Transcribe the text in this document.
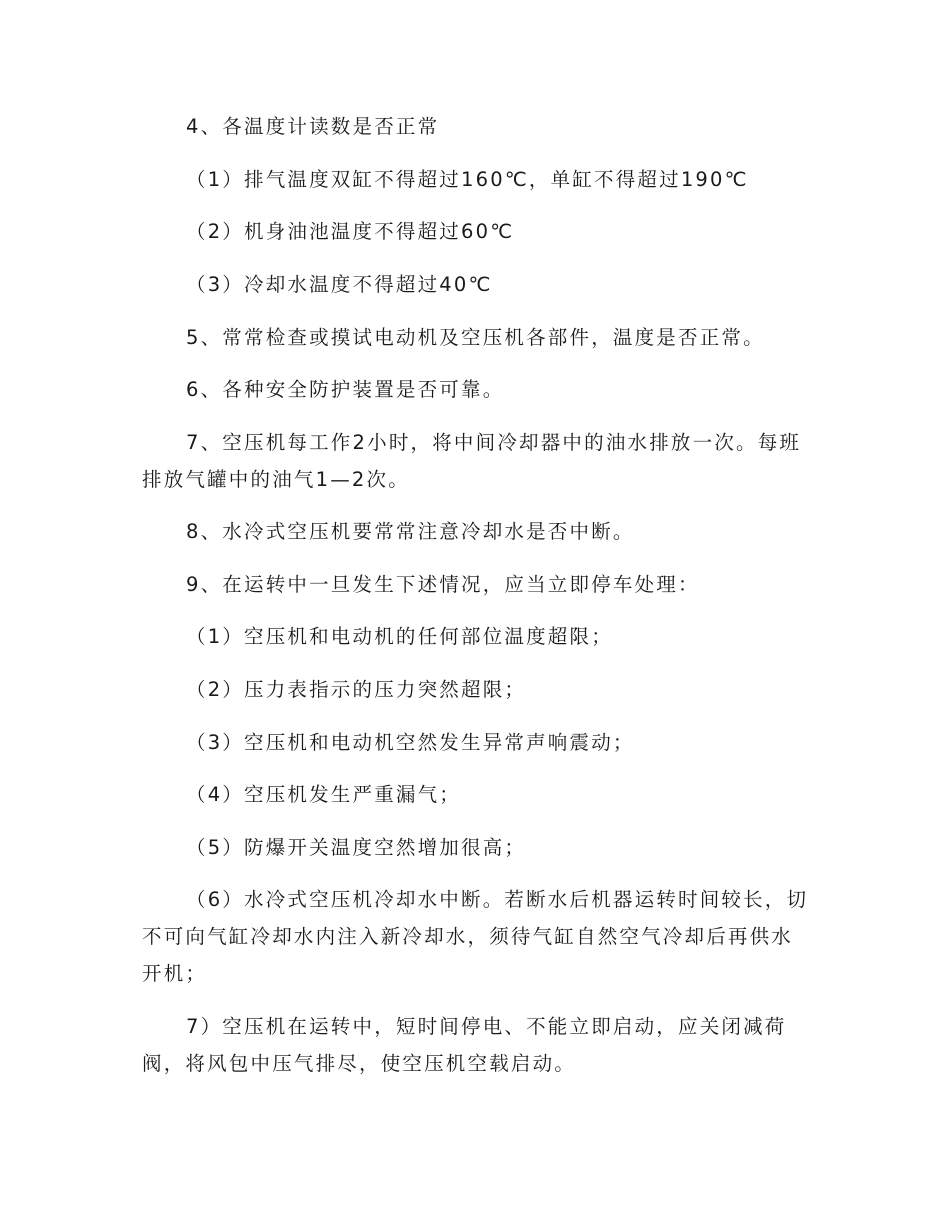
4、各温度计读数是否正常
（1）排气温度双缸不得超过160℃，单缸不得超过190℃
（2）机身油池温度不得超过60℃
（3）冷却水温度不得超过40℃
5、常常检查或摸试电动机及空压机各部件，温度是否正常。
6、各种安全防护装置是否可靠。
7、空压机每工作2小时，将中间冷却器中的油水排放一次。每班
排放气罐中的油气1—2次。
8、水冷式空压机要常常注意冷却水是否中断。
9、在运转中一旦发生下述情况，应当立即停车处理：
（1）空压机和电动机的任何部位温度超限；
（2）压力表指示的压力突然超限；
（3）空压机和电动机空然发生异常声响震动；
（4）空压机发生严重漏气；
（5）防爆开关温度空然增加很高；
（6）水冷式空压机冷却水中断。若断水后机器运转时间较长，切
不可向气缸冷却水内注入新冷却水，须待气缸自然空气冷却后再供水
开机；
7）空压机在运转中，短时间停电、不能立即启动，应关闭减荷
阀，将风包中压气排尽，使空压机空载启动。
